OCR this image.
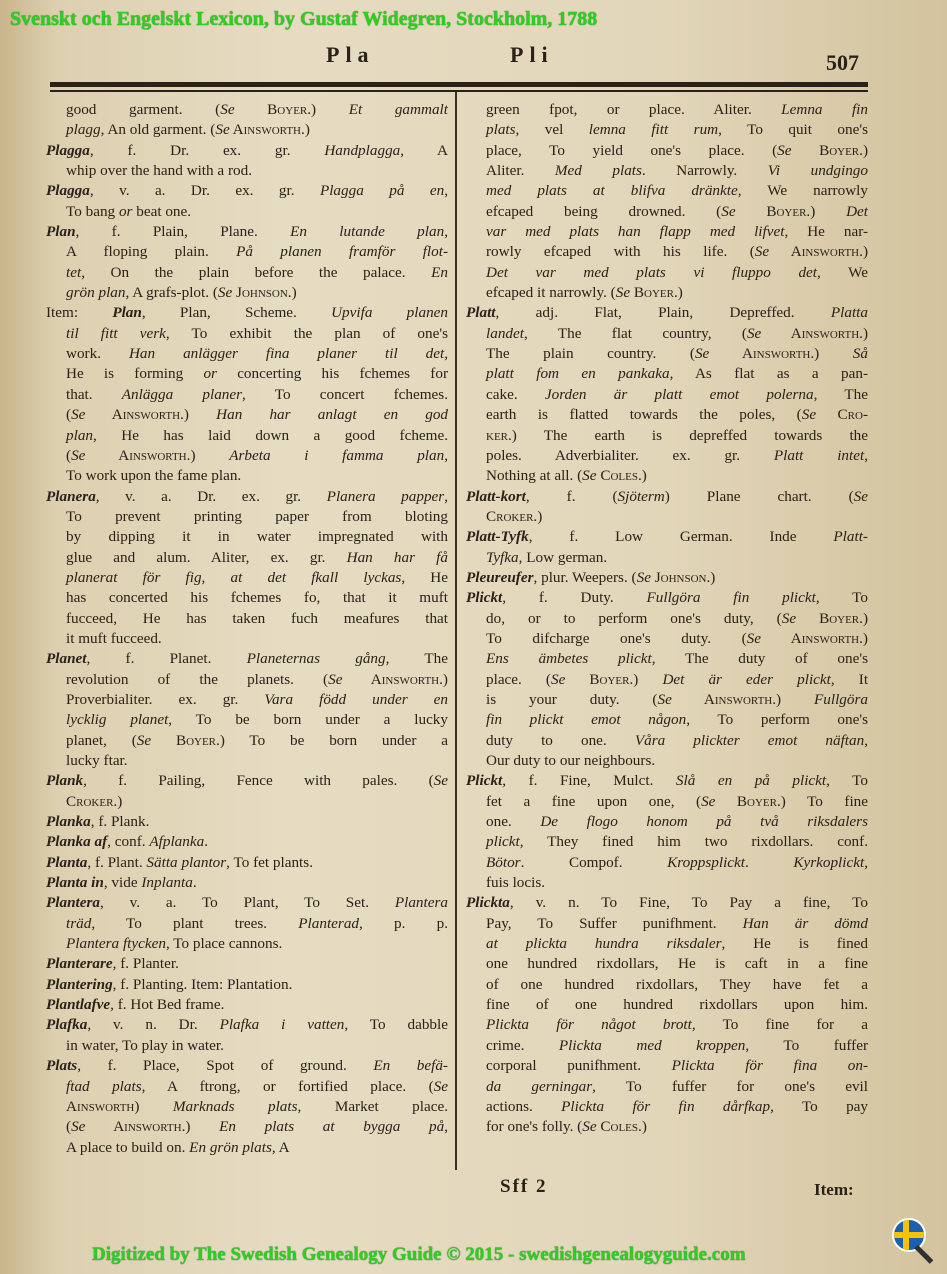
Svenskt och Engelskt Lexicon, by Gustaf Widegren, Stockholm, 1788
Pla	Pli	507
good garment. (Se Boyer.) Et gammalt
plagg, An old garment. (Se Ainsworth.)
Plagga, f. Dr. ex. gr. Handplagga, A
whip over the hand with a rod.
Plagga, v. a. Dr. ex. gr. Plagga på en,
To bang or beat one.
Plan, f. Plain, Plane. En lutande plan,
A floping plain. På planen framför flot-
tet, On the plain before the palace. En
grön plan, A grafs-plot. (Se Johnson.)
Item: Plan, Plan, Scheme. Upvifa planen
til fitt verk, To exhibit the plan of one's
work. Han anlägger fina planer til det,
He is forming or concerting his fchemes for
that. Anlägga planer, To concert fchemes.
(Se Ainsworth.) Han har anlagt en god
plan, He has laid down a good fcheme.
(Se Ainsworth.) Arbeta i famma plan,
To work upon the fame plan.
Planera, v. a. Dr. ex. gr. Planera papper,
To prevent printing paper from bloting
by dipping it in water impregnated with
glue and alum. Aliter, ex. gr. Han har få
planerat för fig, at det fkall lyckas, He
has concerted his fchemes fo, that it muft
fucceed, He has taken fuch meafures that
it muft fucceed.
Planet, f. Planet. Planeternas gång, The
revolution of the planets. (Se Ainsworth.)
Proverbialiter. ex. gr. Vara född under en
lycklig planet, To be born under a lucky
planet, (Se Boyer.) To be born under a
lucky ftar.
Plank, f. Pailing, Fence with pales. (Se
Croker.)
Planka, f. Plank.
Planka af, conf. Afplanka.
Planta, f. Plant. Sätta plantor, To fet plants.
Planta in, vide Inplanta.
Plantera, v. a. To Plant, To Set. Plantera
träd, To plant trees. Planterad, p. p.
Plantera ftycken, To place cannons.
Planterare, f. Planter.
Plantering, f. Planting. Item: Plantation.
Plantlafve, f. Hot Bed frame.
Plafka, v. n. Dr. Plafka i vatten, To dabble
in water, To play in water.
Plats, f. Place, Spot of ground. En befä-
ftad plats, A ftrong, or fortified place. (Se
Ainsworth) Marknads plats, Market place.
(Se Ainsworth.) En plats at bygga på,
A place to build on. En grön plats, A
green fpot, or place. Aliter. Lemna fin
plats, vel lemna fitt rum, To quit one's
place, To yield one's place. (Se Boyer.)
Aliter. Med plats. Narrowly. Vi undgingo
med plats at blifva dränkte, We narrowly
efcaped being drowned. (Se Boyer.) Det
var med plats han flapp med lifvet, He nar-
rowly efcaped with his life. (Se Ainsworth.)
Det var med plats vi fluppo det, We
efcaped it narrowly. (Se Boyer.)
Platt, adj. Flat, Plain, Depreffed. Platta
landet, The flat country, (Se Ainsworth.)
The plain country. (Se Ainsworth.) Så
platt fom en pankaka, As flat as a pan-
cake. Jorden är platt emot polerna, The
earth is flatted towards the poles, (Se Cro-
ker.) The earth is depreffed towards the
poles. Adverbialiter. ex. gr. Platt intet,
Nothing at all. (Se Coles.)
Platt-kort, f. (Sjöterm) Plane chart. (Se
Croker.)
Platt-Tyfk, f. Low German. Inde Platt-
Tyfka, Low german.
Pleureufer, plur. Weepers. (Se Johnson.)
Plickt, f. Duty. Fullgöra fin plickt, To
do, or to perform one's duty, (Se Boyer.)
To difcharge one's duty. (Se Ainsworth.)
Ens ämbetes plickt, The duty of one's
place. (Se Boyer.) Det är eder plickt, It
is your duty. (Se Ainsworth.) Fullgöra
fin plickt emot någon, To perform one's
duty to one. Våra plickter emot näftan,
Our duty to our neighbours.
Plickt, f. Fine, Mulct. Slå en på plickt, To
fet a fine upon one, (Se Boyer.) To fine
one. De flogo honom på två riksdalers
plickt, They fined him two rixdollars. conf.
Bötor. Compof. Kroppsplickt. Kyrkoplickt,
fuis locis.
Plickta, v. n. To Fine, To Pay a fine, To
Pay, To Suffer punifhment. Han är dömd
at plickta hundra riksdaler, He is fined
one hundred rixdollars, He is caft in a fine
of one hundred rixdollars, They have fet a
fine of one hundred rixdollars upon him.
Plickta för något brott, To fine for a
crime. Plickta med kroppen, To fuffer
corporal punifhment. Plickta för fina on-
da gerningar, To fuffer for one's evil
actions. Plickta för fin dårfkap, To pay
for one's folly. (Se Coles.)
Sff 2	Item:
Digitized by The Swedish Genealogy Guide © 2015 - swedishgenealogyguide.com
